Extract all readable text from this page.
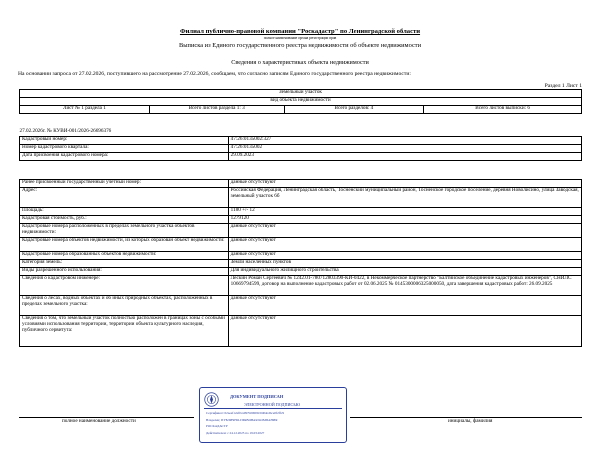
Филиал публично-правовой компании "Роскадастр" по Ленинградской области
полное наименование органа регистрации прав
Выписка из Единого государственного реестра недвижимости об объекте недвижимости
Сведения о характеристиках объекта недвижимости
На основании запроса от 27.02.2026, поступившего на рассмотрение 27.02.2026, сообщаем, что согласно записям Единого государственного реестра недвижимости:
Раздел 1 Лист 1
Земельный участок
вид объекта недвижимости
Лист № 1 раздела 1	Всего листов раздела 1: 3	Всего разделов: 4	Всего листов выписки: 6
27.02.2026г. № КУВИ-001/2026-26696376	
Кадастровый номер:	47:26:0135002:327
Номер кадастрового квартала:	47:26:0135002
Дата присвоения кадастрового номера:	29.09.2023
Ранее присвоенный государственный учетный номер:	данные отсутствуют
Адрес:	Российская Федерация, Ленинградская область, Тосненский муниципальный район, Тосненское городское поселение, деревня Новолисино, улица Заводская, земельный участок 6б
Площадь:	1180 +/- 12
Кадастровая стоимость, руб.:	1279120
Кадастровые номера расположенных в пределах земельного участка объектов недвижимости:	данные отсутствуют
Кадастровые номера объектов недвижимости, из которых образован объект недвижимости:	данные отсутствуют
Кадастровые номера образованных объектов недвижимости:	данные отсутствуют
Категория земель:	Земли населенных пунктов
Виды разрешенного использования:	Для индивидуального жилищного строительства
Сведения о кадастровом инженере:	Лескин Роман Сергеевич № 1242.01-780712803390-КИ-0422, в Некоммерческое партнерство "Балтийское объединение кадастровых инженеров", СНИЛС 10669794599, договор на выполнение кадастровых работ от 02.06.2025 № 0145300006325000050, дата завершения кадастровых работ: 26.09.2025
Сведения о лесах, водных объектах и об иных природных объектах, расположенных в пределах земельного участка:	данные отсутствуют
Сведения о том, что земельный участок полностью расположен в границах зоны с особыми условиями использования территории, территории объекта культурного наследия, публичного сервитута:	данные отсутствуют
полное наименование должности	инициалы, фамилия
ДОКУМЕНТ ПОДПИСАН
ЭЛЕКТРОННОЙ ПОДПИСЬЮ
Сертификат: 02aeef12af0ca097b00000c0d0abdbce0f2ffc9
Владелец: ПУБЛИЧНО-ПРАВОВАЯ КОМПАНИЯ
РОСКАДАСТР
Действителен: с 24.12.2025 по 19.03.2027
